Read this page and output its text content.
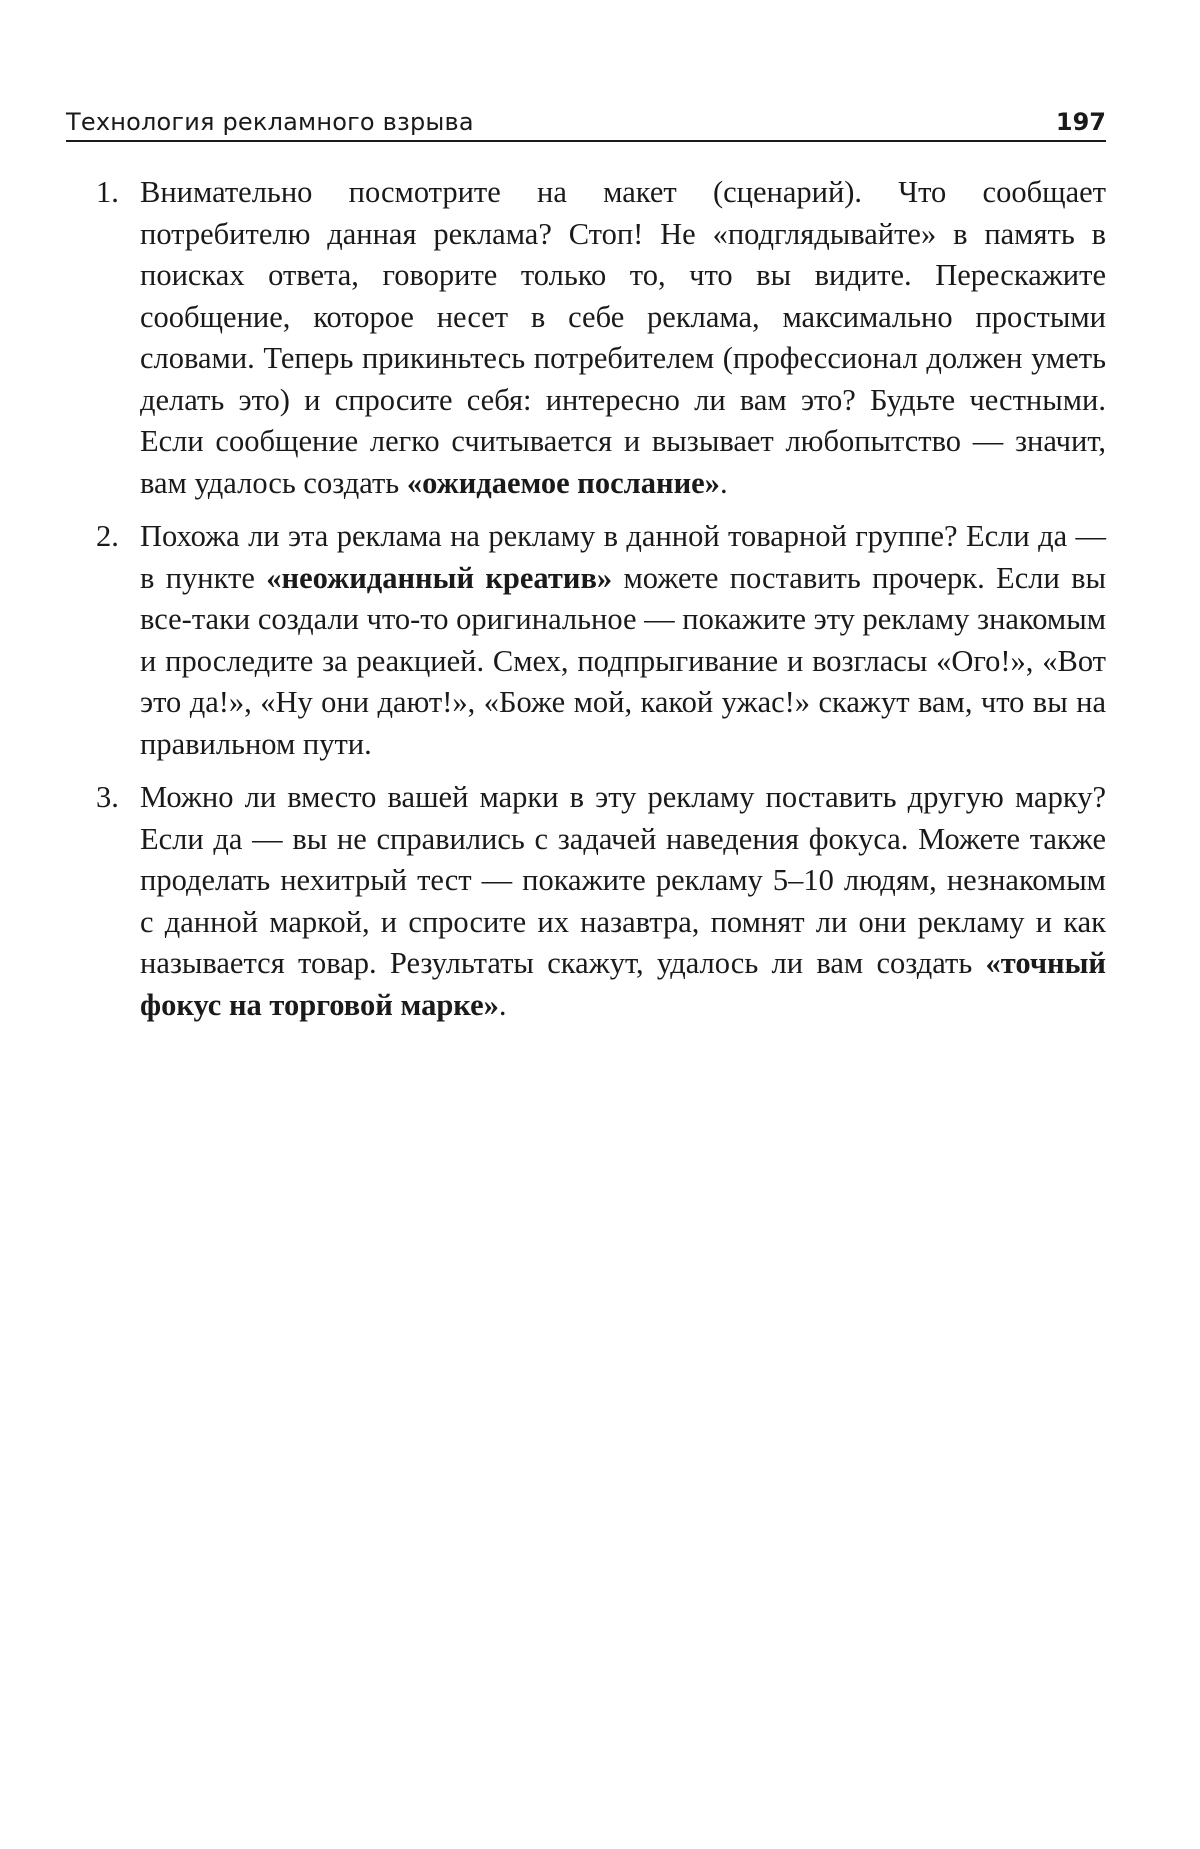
Технология рекламного взрыва	197
1. Внимательно посмотрите на макет (сценарий). Что сообщает потребителю данная реклама? Стоп! Не «подглядывайте» в память в поисках ответа, говорите только то, что вы видите. Перескажите сообщение, которое несет в себе реклама, максимально простыми словами. Теперь прикиньтесь потребителем (профессионал должен уметь делать это) и спросите себя: интересно ли вам это? Будьте честными. Если сообщение легко считывается и вызывает любопытство — значит, вам удалось создать «ожидаемое послание».
2. Похожа ли эта реклама на рекламу в данной товарной группе? Если да — в пункте «неожиданный креатив» можете поставить прочерк. Если вы все-таки создали что-то оригинальное — покажите эту рекламу знакомым и проследите за реакцией. Смех, подпрыгивание и возгласы «Ого!», «Вот это да!», «Ну они дают!», «Боже мой, какой ужас!» скажут вам, что вы на правильном пути.
3. Можно ли вместо вашей марки в эту рекламу поставить другую марку? Если да — вы не справились с задачей наведения фокуса. Можете также проделать нехитрый тест — покажите рекламу 5–10 людям, незнакомым с данной маркой, и спросите их назавтра, помнят ли они рекламу и как называется товар. Результаты скажут, удалось ли вам создать «точный фокус на торговой марке».
